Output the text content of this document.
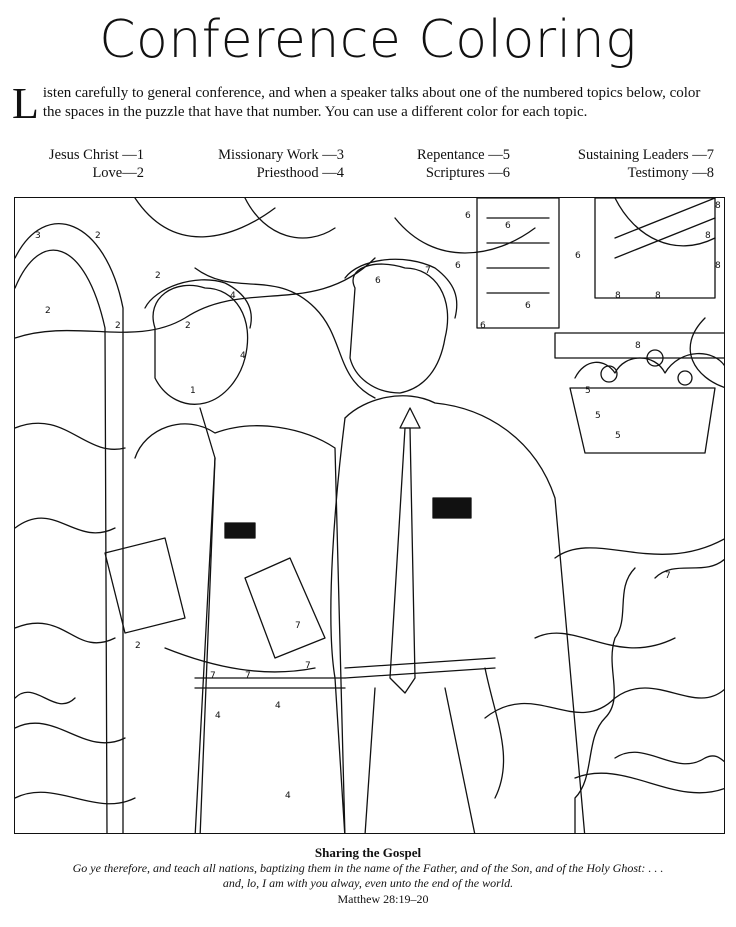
Conference Coloring
L isten carefully to general conference, and when a speaker talks about one of the numbered topics below, color the spaces in the puzzle that have that number. You can use a different color for each topic.
Jesus Christ —1
Love—2
Missionary Work —3
Priesthood —4
Repentance —5
Scriptures —6
Sustaining Leaders —7
Testimony —8
3	2
2
2
2
2
2
1
4
4
4
4
4
5
5
5
6
6
6
6
6
6
6
7
7
7
7
7
7
8
8
8
8	8
8
Sharing the Gospel
Go ye therefore, and teach all nations, baptizing them in the name of the Father, and of the Son, and of the Holy Ghost: . . .
and, lo, I am with you alway, even unto the end of the world.
Matthew 28:19–20
